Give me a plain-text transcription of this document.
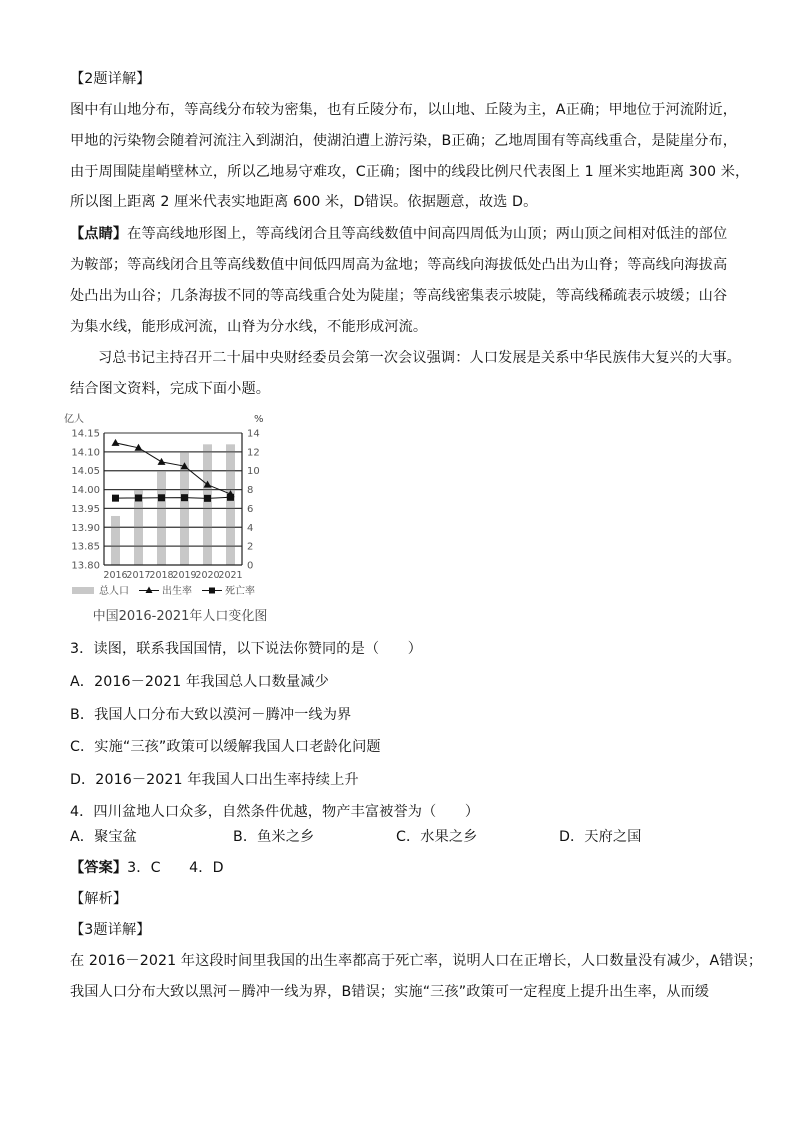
【2题详解】
图中有山地分布，等高线分布较为密集，也有丘陵分布，以山地、丘陵为主，A正确；甲地位于河流附近，
甲地的污染物会随着河流注入到湖泊，使湖泊遭上游污染，B正确；乙地周围有等高线重合，是陡崖分布，
由于周围陡崖峭壁林立，所以乙地易守难攻，C正确；图中的线段比例尺代表图上 1 厘米实地距离 300 米，
所以图上距离 2 厘米代表实地距离 600 米，D错误。依据题意，故选 D。
【点睛】在等高线地形图上，等高线闭合且等高线数值中间高四周低为山顶；两山顶之间相对低洼的部位
为鞍部；等高线闭合且等高线数值中间低四周高为盆地；等高线向海拔低处凸出为山脊；等高线向海拔高
处凸出为山谷；几条海拔不同的等高线重合处为陡崖；等高线密集表示坡陡，等高线稀疏表示坡缓；山谷
为集水线，能形成河流，山脊为分水线，不能形成河流。
习总书记主持召开二十届中央财经委员会第一次会议强调：人口发展是关系中华民族伟大复兴的大事。
结合图文资料，完成下面小题。
亿人	%
13.80
13.85
13.90
13.95
14.00
14.05
14.10
14.15
0
2
4
6
8
10
12
14
2016
2017
2018
2019
2020
2021
总人口	出生率	死亡率
中国2016-2021年人口变化图
3．读图，联系我国国情，以下说法你赞同的是（　　）
A．2016－2021 年我国总人口数量减少
B．我国人口分布大致以漠河－腾冲一线为界
C．实施“三孩”政策可以缓解我国人口老龄化问题
D．2016－2021 年我国人口出生率持续上升
4．四川盆地人口众多，自然条件优越，物产丰富被誉为（　　）
A．聚宝盆	B．鱼米之乡	C．水果之乡	D．天府之国
【答案】3．C　　4．D
【解析】
【3题详解】
在 2016－2021 年这段时间里我国的出生率都高于死亡率，说明人口在正增长，人口数量没有减少，A错误；
我国人口分布大致以黑河－腾冲一线为界，B错误；实施“三孩”政策可一定程度上提升出生率，从而缓
